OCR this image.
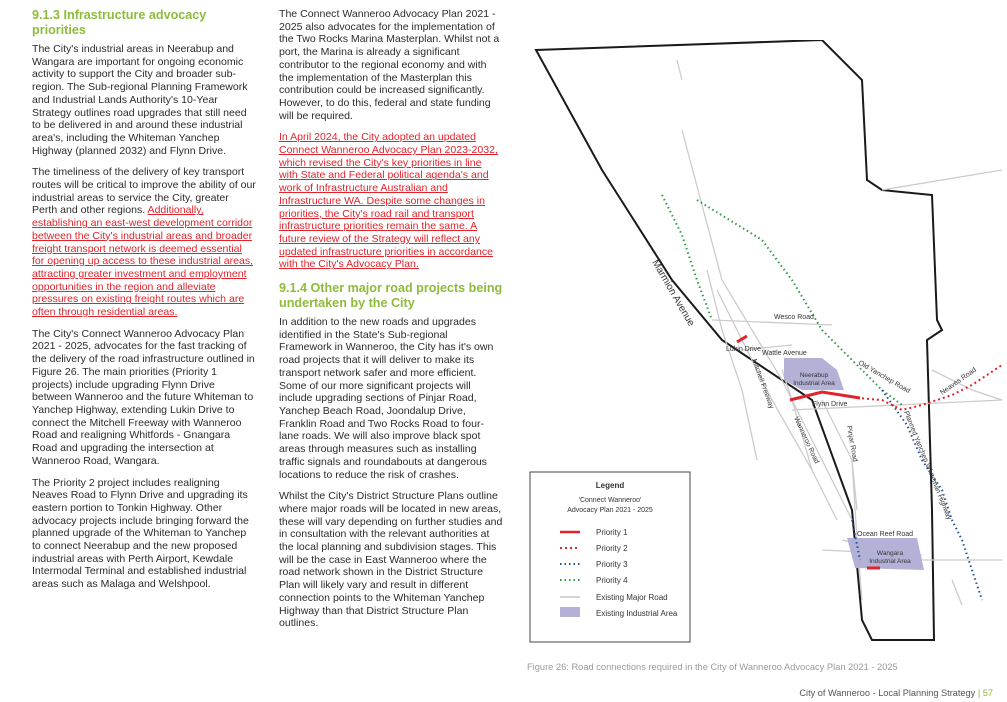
9.1.3 Infrastructure advocacy priorities

The City's industrial areas in Neerabup and Wangara are important for ongoing economic activity to support the City and broader sub-region. The Sub-regional Planning Framework and Industrial Lands Authority's 10-Year Strategy outlines road upgrades that still need to be delivered in and around these industrial area's, including the Whiteman Yanchep Highway (planned 2032) and Flynn Drive.

The timeliness of the delivery of key transport routes will be critical to improve the ability of our industrial areas to service the City, greater Perth and other regions. Additionally, establishing an east-west development corridor between the City's industrial areas and broader freight transport network is deemed essential for opening up access to these industrial areas, attracting greater investment and employment opportunities in the region and alleviate pressures on existing freight routes which are often through residential areas.

The City's Connect Wanneroo Advocacy Plan 2021 - 2025, advocates for the fast tracking of the delivery of the road infrastructure outlined in Figure 26. The main priorities (Priority 1 projects) include upgrading Flynn Drive between Wanneroo and the future Whiteman to Yanchep Highway, extending Lukin Drive to connect the Mitchell Freeway with Wanneroo Road and realigning Whitfords - Gnangara Road and upgrading the intersection at Wanneroo Road, Wangara.

The Priority 2 project includes realigning Neaves Road to Flynn Drive and upgrading its eastern portion to Tonkin Highway. Other advocacy projects include bringing forward the planned upgrade of the Whiteman to Yanchep to connect Neerabup and the new proposed industrial areas with Perth Airport, Kewdale Intermodal Terminal and established industrial areas such as Malaga and Welshpool.

The Connect Wanneroo Advocacy Plan 2021 - 2025 also advocates for the implementation of the Two Rocks Marina Masterplan. Whilst not a port, the Marina is already a significant contributor to the regional economy and with the implementation of the Masterplan this contribution could be increased significantly. However, to do this, federal and state funding will be required.

In April 2024, the City adopted an updated Connect Wanneroo Advocacy Plan 2023-2032, which revised the City's key priorities in line with State and Federal political agenda's and work of Infrastructure Australian and Infrastructure WA. Despite some changes in priorities, the City's road rail and transport infrastructure priorities remain the same. A future review of the Strategy will reflect any updated infrastructure priorities in accordance with the City's Advocacy Plan.

9.1.4 Other major road projects being undertaken by the City

In addition to the new roads and upgrades identified in the State's Sub-regional Framework in Wanneroo, the City has it's own road projects that it will deliver to make its transport network safer and more efficient. Some of our more significant projects will include upgrading sections of Pinjar Road, Yanchep Beach Road, Joondalup Drive, Franklin Road and Two Rocks Road to four-lane roads. We will also improve black spot areas through measures such as installing traffic signals and roundabouts at dangerous locations to reduce the risk of crashes.

Whilst the City's District Structure Plans outline where major roads will be located in new areas, these will vary depending on further studies and in consultation with the relevant authorities at the local planning and subdivision stages. This will be the case in East Wanneroo where the road network shown in the District Structure Plan will likely vary and result in different connection points to the Whiteman Yanchep Highway than that District Structure Plan outlines.

Marmion Avenue	Wesco Road
Lukin Drive
Wattle Avenue
Mitchell Freeway	Old Yanchep Road	Neaves Road
Flynn Drive
Wanneroo Road	Pinjar Road	Planned Yanchep Whiteman Highway
Ocean Reef Road
Neerabup
Industrial Area
Wangara
Industrial Area
Legend
'Connect Wanneroo'
Advocacy Plan 2021 - 2025
Priority 1
Priority 2
Priority 3
Priority 4
Existing Major Road
Existing Industrial Area
Figure 26: Road connections required in the City of Wanneroo Advocacy Plan 2021 - 2025
City of Wanneroo - Local Planning Strategy | 57
